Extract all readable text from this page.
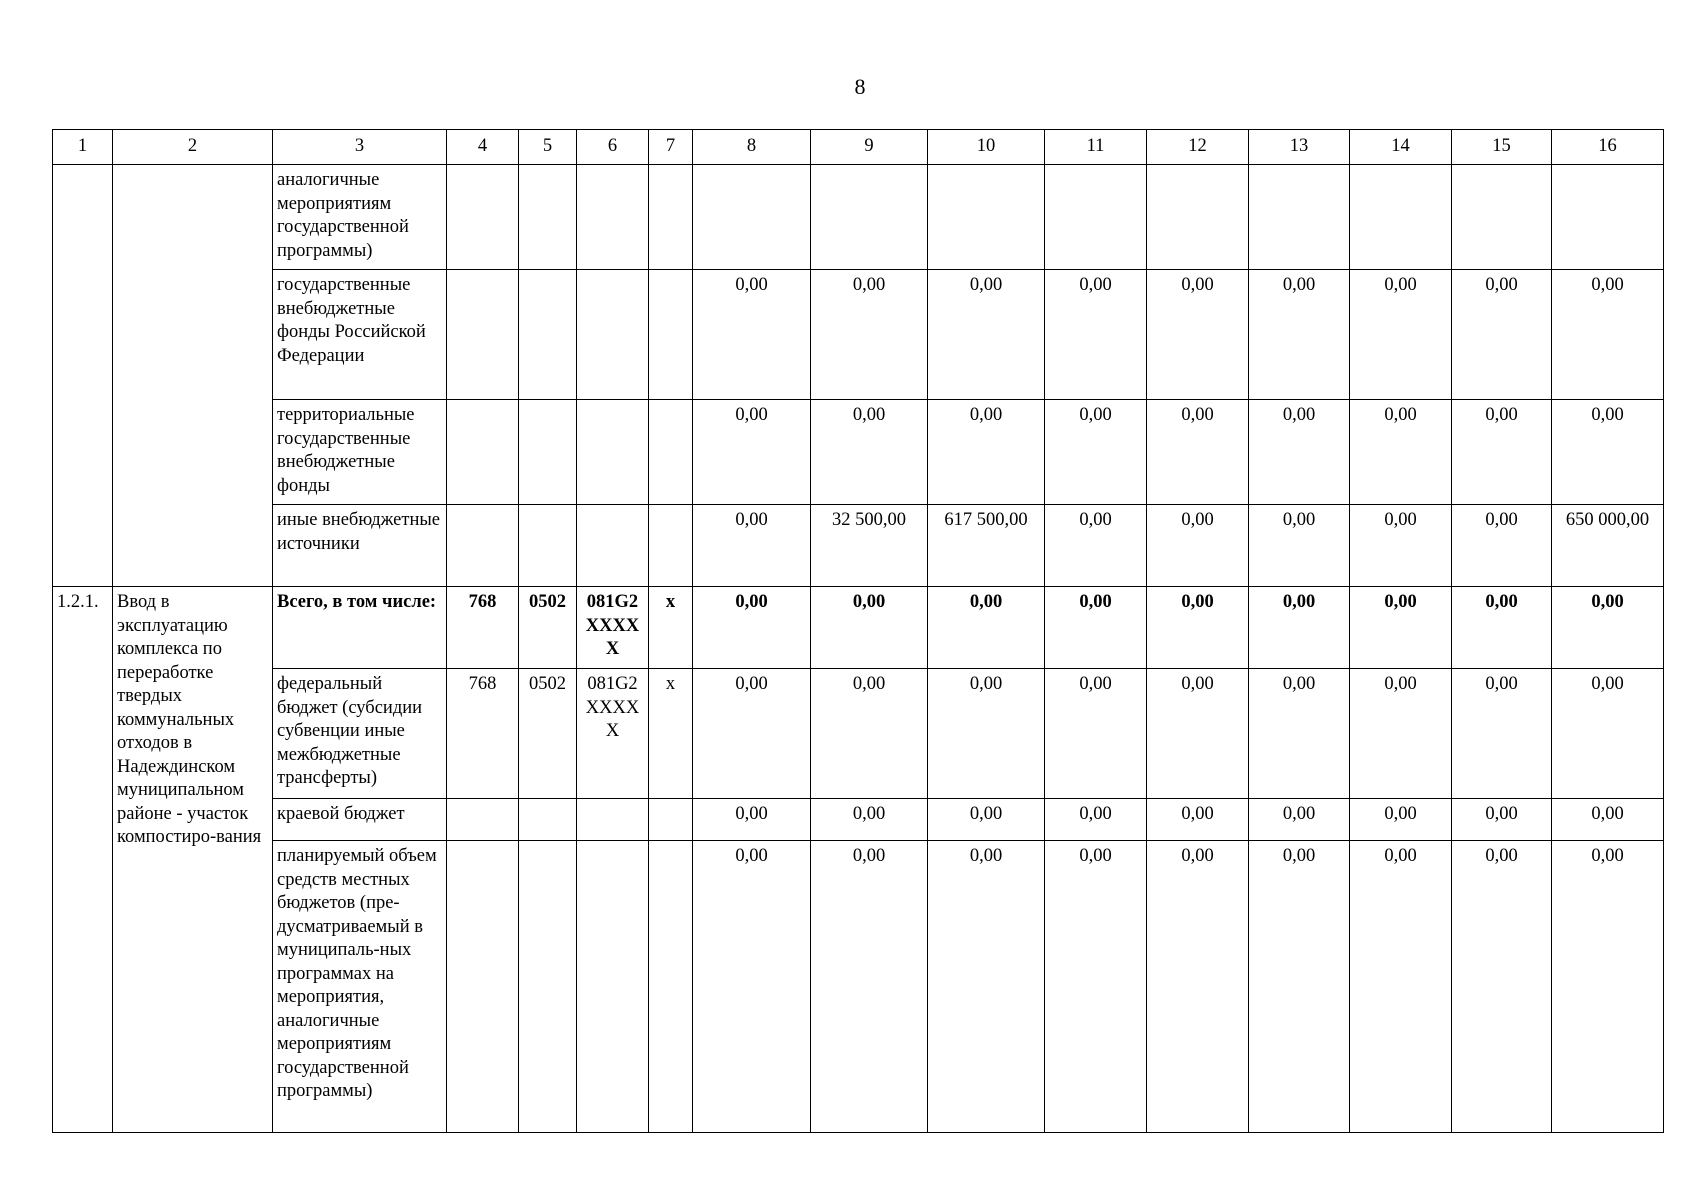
8
1	2	3	4	5	6	7	8	9	10	11	12	13	14	15	16
		аналогичные мероприятиям государственной программы)													
		государственные внебюджетные фонды Российской Федерации					0,00	0,00	0,00	0,00	0,00	0,00	0,00	0,00	0,00
		территориальные государственные внебюджетные фонды					0,00	0,00	0,00	0,00	0,00	0,00	0,00	0,00	0,00
		иные внебюджетные источники					0,00	32 500,00	617 500,00	0,00	0,00	0,00	0,00	0,00	650 000,00
1.2.1.	Ввод в эксплуатацию комплекса по переработке твердых коммунальных отходов в Надеждинском муниципальном районе - участок компостиро-вания	Всего, в том числе:	768	0502	081G2XXXXX	x	0,00	0,00	0,00	0,00	0,00	0,00	0,00	0,00	0,00
		федеральный бюджет (субсидии субвенции иные межбюджетные трансферты)	768	0502	081G2XXXXX	x	0,00	0,00	0,00	0,00	0,00	0,00	0,00	0,00	0,00
		краевой бюджет					0,00	0,00	0,00	0,00	0,00	0,00	0,00	0,00	0,00
		планируемый объем средств местных бюджетов (пре-дусматриваемый в муниципаль-ных программах на мероприятия, аналогичные мероприятиям государственной программы)					0,00	0,00	0,00	0,00	0,00	0,00	0,00	0,00	0,00
